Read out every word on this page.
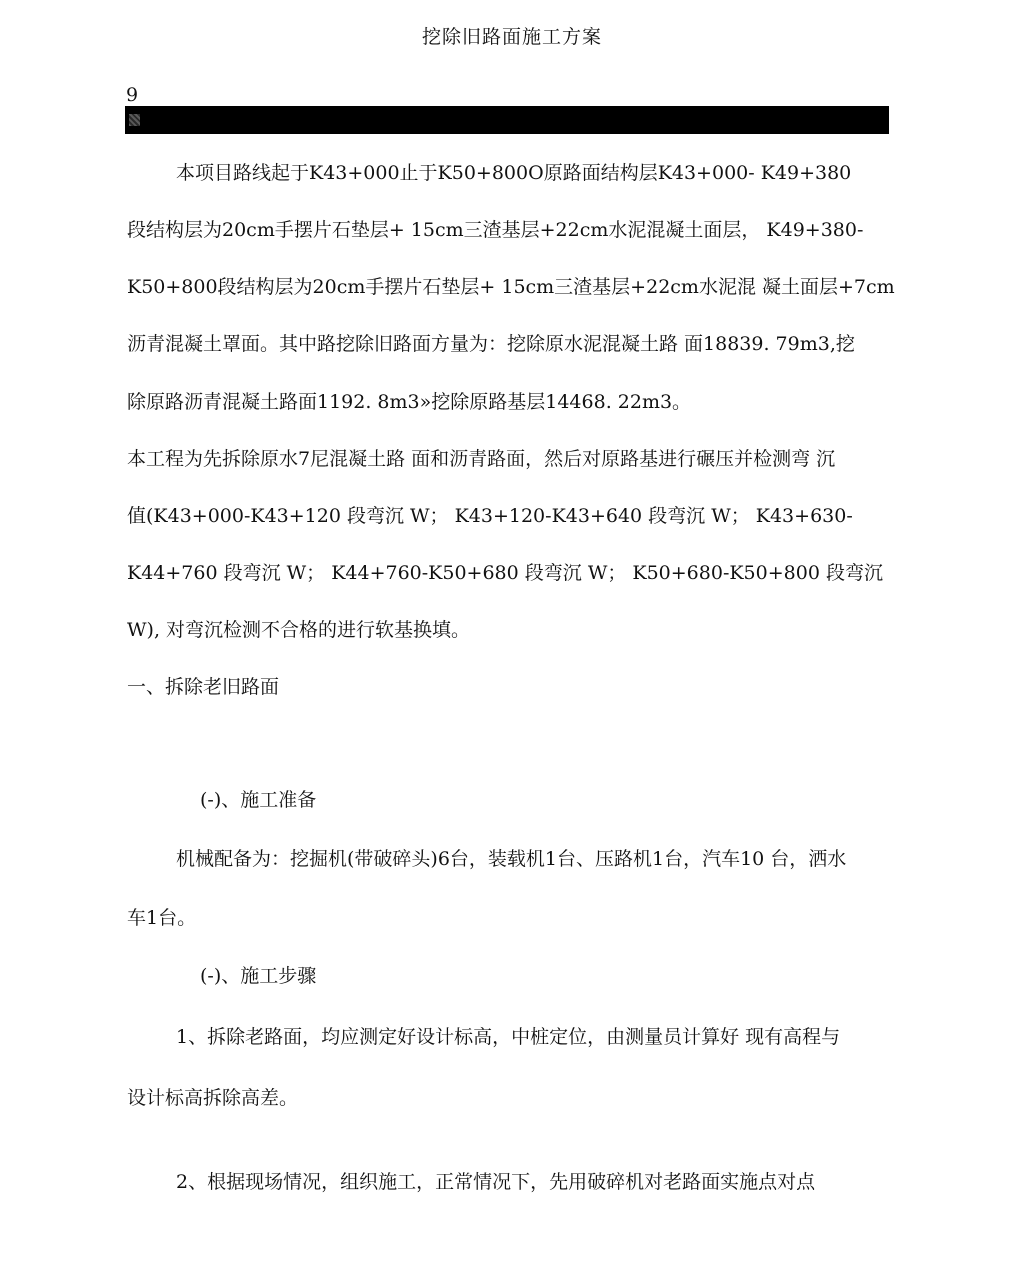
挖除旧路面施工方案
9
本项目路线起于K43+000止于K50+800O原路面结构层K43+000- K49+380
段结构层为20cm手摆片石垫层+ 15cm三渣基层+22cm水泥混凝土面层， K49+380-
K50+800段结构层为20cm手摆片石垫层+ 15cm三渣基层+22cm水泥混 凝土面层+7cm
沥青混凝土罩面。其中路挖除旧路面方量为：挖除原水泥混凝土路 面18839. 79m3,挖
除原路沥青混凝土路面1192. 8m3»挖除原路基层14468. 22m3。
本工程为先拆除原水7尼混凝土路 面和沥青路面，然后对原路基进行碾压并检测弯 沉
值(K43+000-K43+120 段弯沉 W； K43+120-K43+640 段弯沉 W； K43+630-
K44+760 段弯沉 W； K44+760-K50+680 段弯沉 W； K50+680-K50+800 段弯沉
W), 对弯沉检测不合格的进行软基换填。
一、拆除老旧路面
(-)、施工准备
机械配备为：挖掘机(带破碎头)6台，装载机1台、压路机1台，汽车10 台，洒水
车1台。
(-)、施工步骤
1、拆除老路面，均应测定好设计标高，中桩定位，由测量员计算好 现有高程与
设计标高拆除高差。
2、根据现场情况，组织施工，正常情况下，先用破碎机对老路面实施点对点
